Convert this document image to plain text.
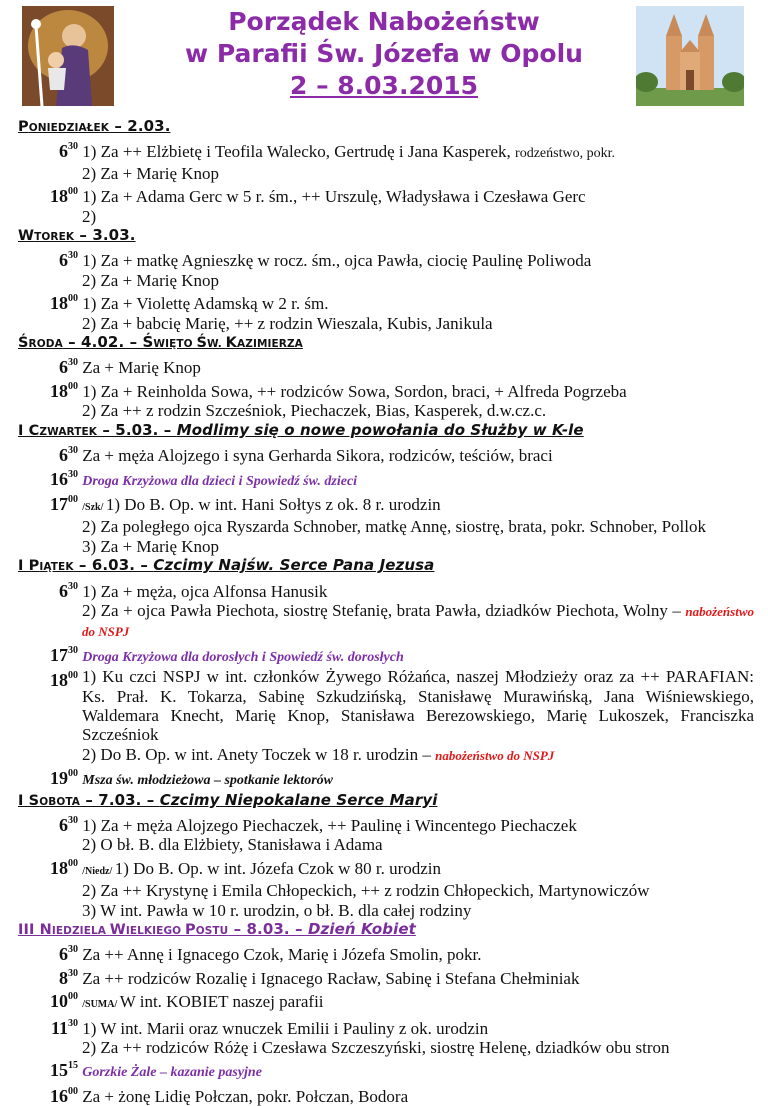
Porządek Nabożeństw
w Parafii Św. Józefa w Opolu
2 – 8.03.2015
PONIEDZIAŁEK – 2.03.
$6^{30}$ 1) Za ++ Elżbietę i Teofila Walecko, Gertrudę i Jana Kasperek, rodzeństwo, pokr.
2) Za + Marię Knop
$18^{00}$ 1) Za + Adama Gerc w 5 r. śm., ++ Urszulę, Władysława i Czesława Gerc
2)
WTOREK – 3.03.
$6^{30}$ 1) Za + matkę Agnieszkę w rocz. śm., ojca Pawła, ciocię Paulinę Poliwoda
2) Za + Marię Knop
$18^{00}$ 1) Za + Violettę Adamską w 2 r. śm.
2) Za + babcię Marię, ++ z rodzin Wieszala, Kubis, Janikula
ŚRODA – 4.02. – ŚWIĘTO ŚW. KAZIMIERZA
$6^{30}$ Za + Marię Knop
$18^{00}$ 1) Za + Reinholda Sowa, ++ rodziców Sowa, Sordon, braci, + Alfreda Pogrzeba
2) Za ++ z rodzin Szcześniok, Piechaczek, Bias, Kasperek, d.w.cz.c.
I CZWARTEK – 5.03. – Modlimy się o nowe powołania do Służby w K-le
$6^{30}$ Za + męża Alojzego i syna Gerharda Sikora, rodziców, teściów, braci
$16^{30}$ Droga Krzyżowa dla dzieci i Spowiedź św. dzieci
$17^{00}$ /Szk/ 1) Do B. Op. w int. Hani Sołtys z ok. 8 r. urodzin
2) Za poległego ojca Ryszarda Schnober, matkę Annę, siostrę, brata, pokr. Schnober, Pollok
3) Za + Marię Knop
I PIĄTEK – 6.03. – Czcimy Najśw. Serce Pana Jezusa
$6^{30}$ 1) Za + męża, ojca Alfonsa Hanusik
2) Za + ojca Pawła Piechota, siostrę Stefanię, brata Pawła, dziadków Piechota, Wolny – nabożeństwo do NSPJ
$17^{30}$ Droga Krzyżowa dla dorosłych i Spowiedź św. dorosłych
$18^{00}$ 1) Ku czci NSPJ w int. członków Żywego Różańca, naszej Młodzieży oraz za ++ PARAFIAN: Ks. Prał. K. Tokarza, Sabinę Szkudzińską, Stanisławę Murawińską, Jana Wiśniewskiego, Waldemara Knecht, Marię Knop, Stanisława Berezowskiego, Marię Lukoszek, Franciszka Szcześniok
2) Do B. Op. w int. Anety Toczek w 18 r. urodzin – nabożeństwo do NSPJ
$19^{00}$ Msza św. młodzieżowa – spotkanie lektorów
I SOBOTA – 7.03. – Czcimy Niepokalane Serce Maryi
$6^{30}$ 1) Za + męża Alojzego Piechaczek, ++ Paulinę i Wincentego Piechaczek
2) O bł. B. dla Elżbiety, Stanisława i Adama
$18^{00}$ /Niedz/ 1) Do B. Op. w int. Józefa Czok w 80 r. urodzin
2) Za ++ Krystynę i Emila Chłopeckich, ++ z rodzin Chłopeckich, Martynowiczów
3) W int. Pawła w 10 r. urodzin, o bł. B. dla całej rodziny
III NIEDZIELA WIELKIEGO POSTU – 8.03. – Dzień Kobiet
$6^{30}$ Za ++ Annę i Ignacego Czok, Marię i Józefa Smolin, pokr.
$8^{30}$ Za ++ rodziców Rozalię i Ignacego Racław, Sabinę i Stefana Chełminiak
$10^{00}$ /SUMA/ W int. KOBIET naszej parafii
$11^{30}$ 1) W int. Marii oraz wnuczek Emilii i Pauliny z ok. urodzin
2) Za ++ rodziców Różę i Czesława Szczeszyński, siostrę Helenę, dziadków obu stron
$15^{15}$ Gorzkie Żale – kazanie pasyjne
$16^{00}$ Za + żonę Lidię Połczan, pokr. Połczan, Bodora
